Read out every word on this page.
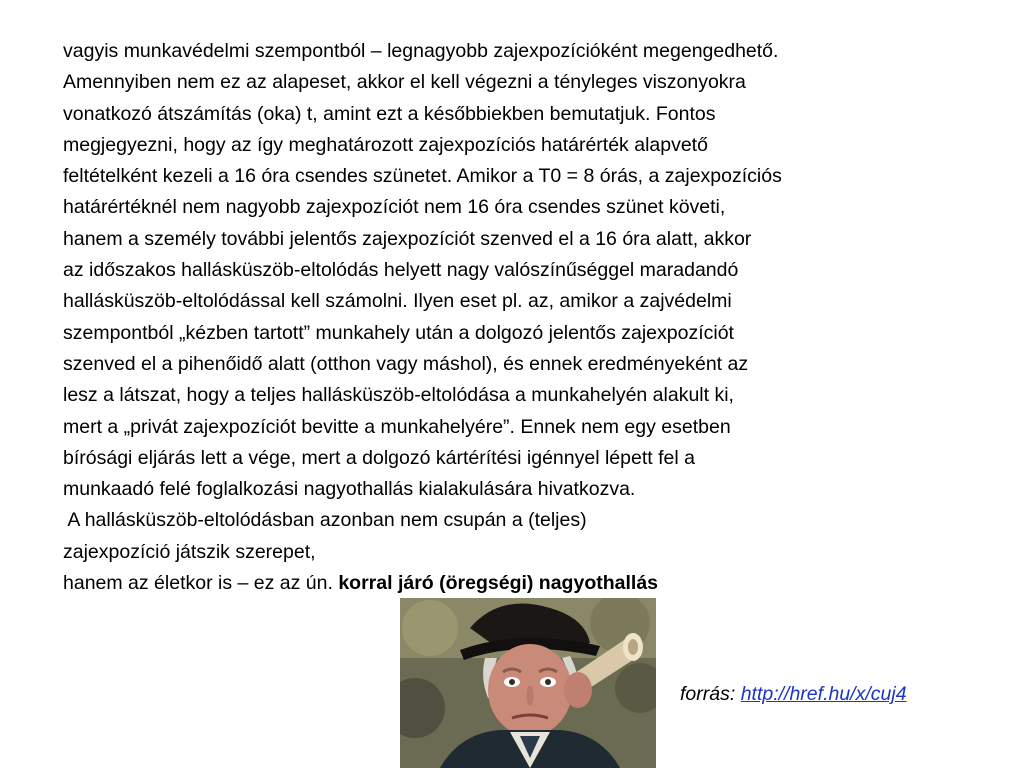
vagyis munkavédelmi szempontból – legnagyobb zajexpozícióként megengedhető.
Amennyiben nem ez az alapeset, akkor el kell végezni a tényleges viszonyokra
vonatkozó átszámítás (oka) t, amint ezt a későbbiekben bemutatjuk. Fontos
megjegyezni, hogy az így meghatározott zajexpozíciós határérték alapvető
feltételként kezeli a 16 óra csendes szünetet. Amikor a T0 = 8 órás, a zajexpozíciós
határértéknél nem nagyobb zajexpozíciót nem 16 óra csendes szünet követi,
hanem a személy további jelentős zajexpozíciót szenved el a 16 óra alatt, akkor
az időszakos hallásküszöb-eltolódás helyett nagy valószínűséggel maradandó
hallásküszöb-eltolódással kell számolni. Ilyen eset pl. az, amikor a zajvédelmi
szempontból „kézben tartott” munkahely után a dolgozó jelentős zajexpozíciót
szenved el a pihenőidő alatt (otthon vagy máshol), és ennek eredményeként az
lesz a látszat, hogy a teljes hallásküszöb-eltolódása a munkahelyén alakult ki,
mert a „privát zajexpozíciót bevitte a munkahelyére”. Ennek nem egy esetben
bírósági eljárás lett a vége, mert a dolgozó kártérítési igénnyel lépett fel a
munkaadó felé foglalkozási nagyothallás kialakulására hivatkozva.
A hallásküszöb-eltolódásban azonban nem csupán a (teljes)
zajexpozíció játszik szerepet,
hanem az életkor is – ez az ún. korral járó (öregségi) nagyothallás
forrás: http://href.hu/x/cuj4
